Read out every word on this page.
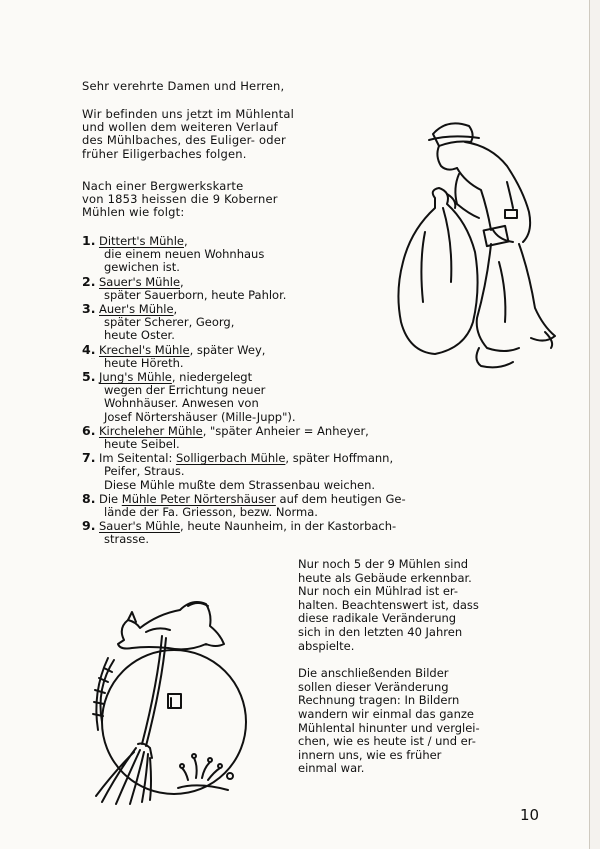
Sehr verehrte Damen und Herren,
Wir befinden uns jetzt im Mühlental
und wollen dem weiteren Verlauf
des Mühlbaches, des Euliger- oder
früher Eiligerbaches folgen.
Nach einer Bergwerkskarte
von 1853 heissen die 9 Koberner
Mühlen wie folgt:
1. Dittert's Mühle,
die einem neuen Wohnhaus
gewichen ist.
2. Sauer's Mühle,
später Sauerborn, heute Pahlor.
3. Auer's Mühle,
später Scherer, Georg,
heute Oster.
4. Krechel's Mühle, später Wey,
heute Höreth.
5. Jung's Mühle, niedergelegt
wegen der Errichtung neuer
Wohnhäuser. Anwesen von
Josef Nörtershäuser (Mille-Jupp").
6. Kircheleher Mühle, "später Anheier = Anheyer,
heute Seibel.
7. Im Seitental: Solligerbach Mühle, später Hoffmann,
Peifer, Straus.
Diese Mühle mußte dem Strassenbau weichen.
8. Die Mühle Peter Nörtershäuser auf dem heutigen Ge-
lände der Fa. Griesson, bezw. Norma.
9. Sauer's Mühle, heute Naunheim, in der Kastorbach-
strasse.
Nur noch 5 der 9 Mühlen sind
heute als Gebäude erkennbar.
Nur noch ein Mühlrad ist er-
halten. Beachtenswert ist, dass
diese radikale Veränderung
sich in den letzten 40 Jahren
abspielte.
Die anschließenden Bilder
sollen dieser Veränderung
Rechnung tragen: In Bildern
wandern wir einmal das ganze
Mühlental hinunter und verglei-
chen, wie es heute ist / und er-
innern uns, wie es früher
einmal war.
10
